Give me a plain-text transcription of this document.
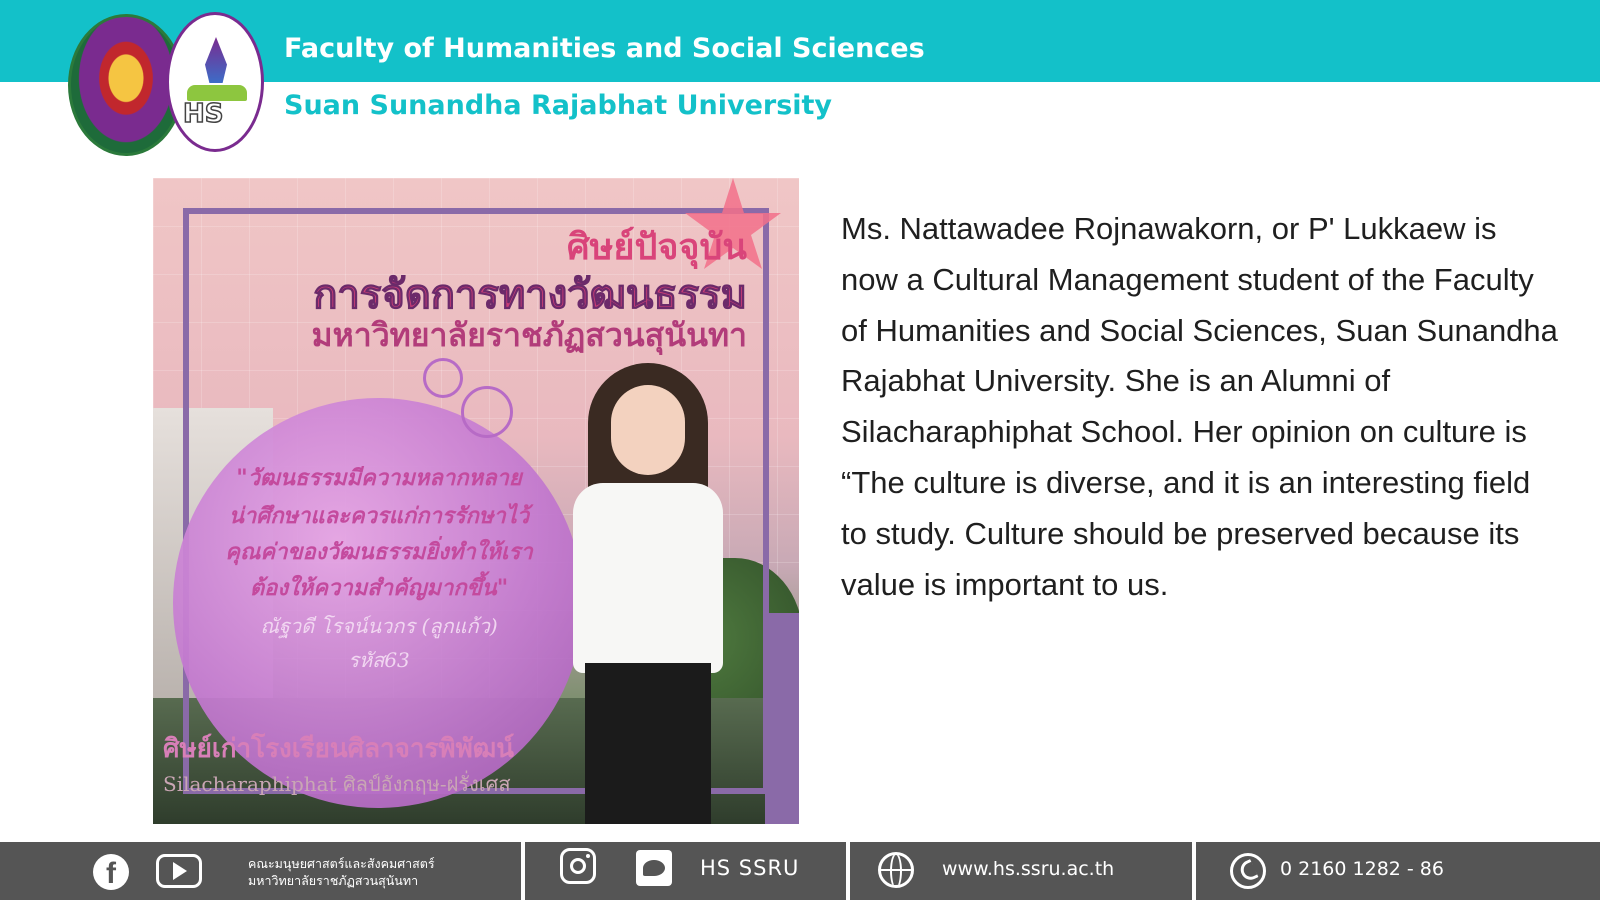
HS
Faculty of Humanities and Social Sciences
Suan Sunandha Rajabhat University
ศิษย์ปัจจุบัน
การจัดการทางวัฒนธรรม
มหาวิทยาลัยราชภัฏสวนสุนันทา
"วัฒนธรรมมีความหลากหลาย
น่าศึกษาและควรแก่การรักษาไว้
คุณค่าของวัฒนธรรมยิ่งทำให้เรา
ต้องให้ความสำคัญมากขึ้น"
ณัฐวดี โรจน์นวกร (ลูกแก้ว)
รหัส63
ศิษย์เก่าโรงเรียนศิลาจารพิพัฒน์
Silacharaphiphat ศิลป์อังกฤษ-ฝรั่งเศส

Ms. Nattawadee Rojnawakorn, or P' Lukkaew is now a Cultural Management student of the Faculty of Humanities and Social Sciences, Suan Sunandha Rajabhat University. She is an Alumni of Silacharaphiphat School. Her opinion on culture is “The culture is diverse, and it is an interesting field to study. Culture should be preserved because its value is important to us.

f	คณะมนุษยศาสตร์และสังคมศาสตร์
มหาวิทยาลัยราชภัฏสวนสุนันทา
HS SSRU	www.hs.ssru.ac.th	0 2160 1282 - 86
